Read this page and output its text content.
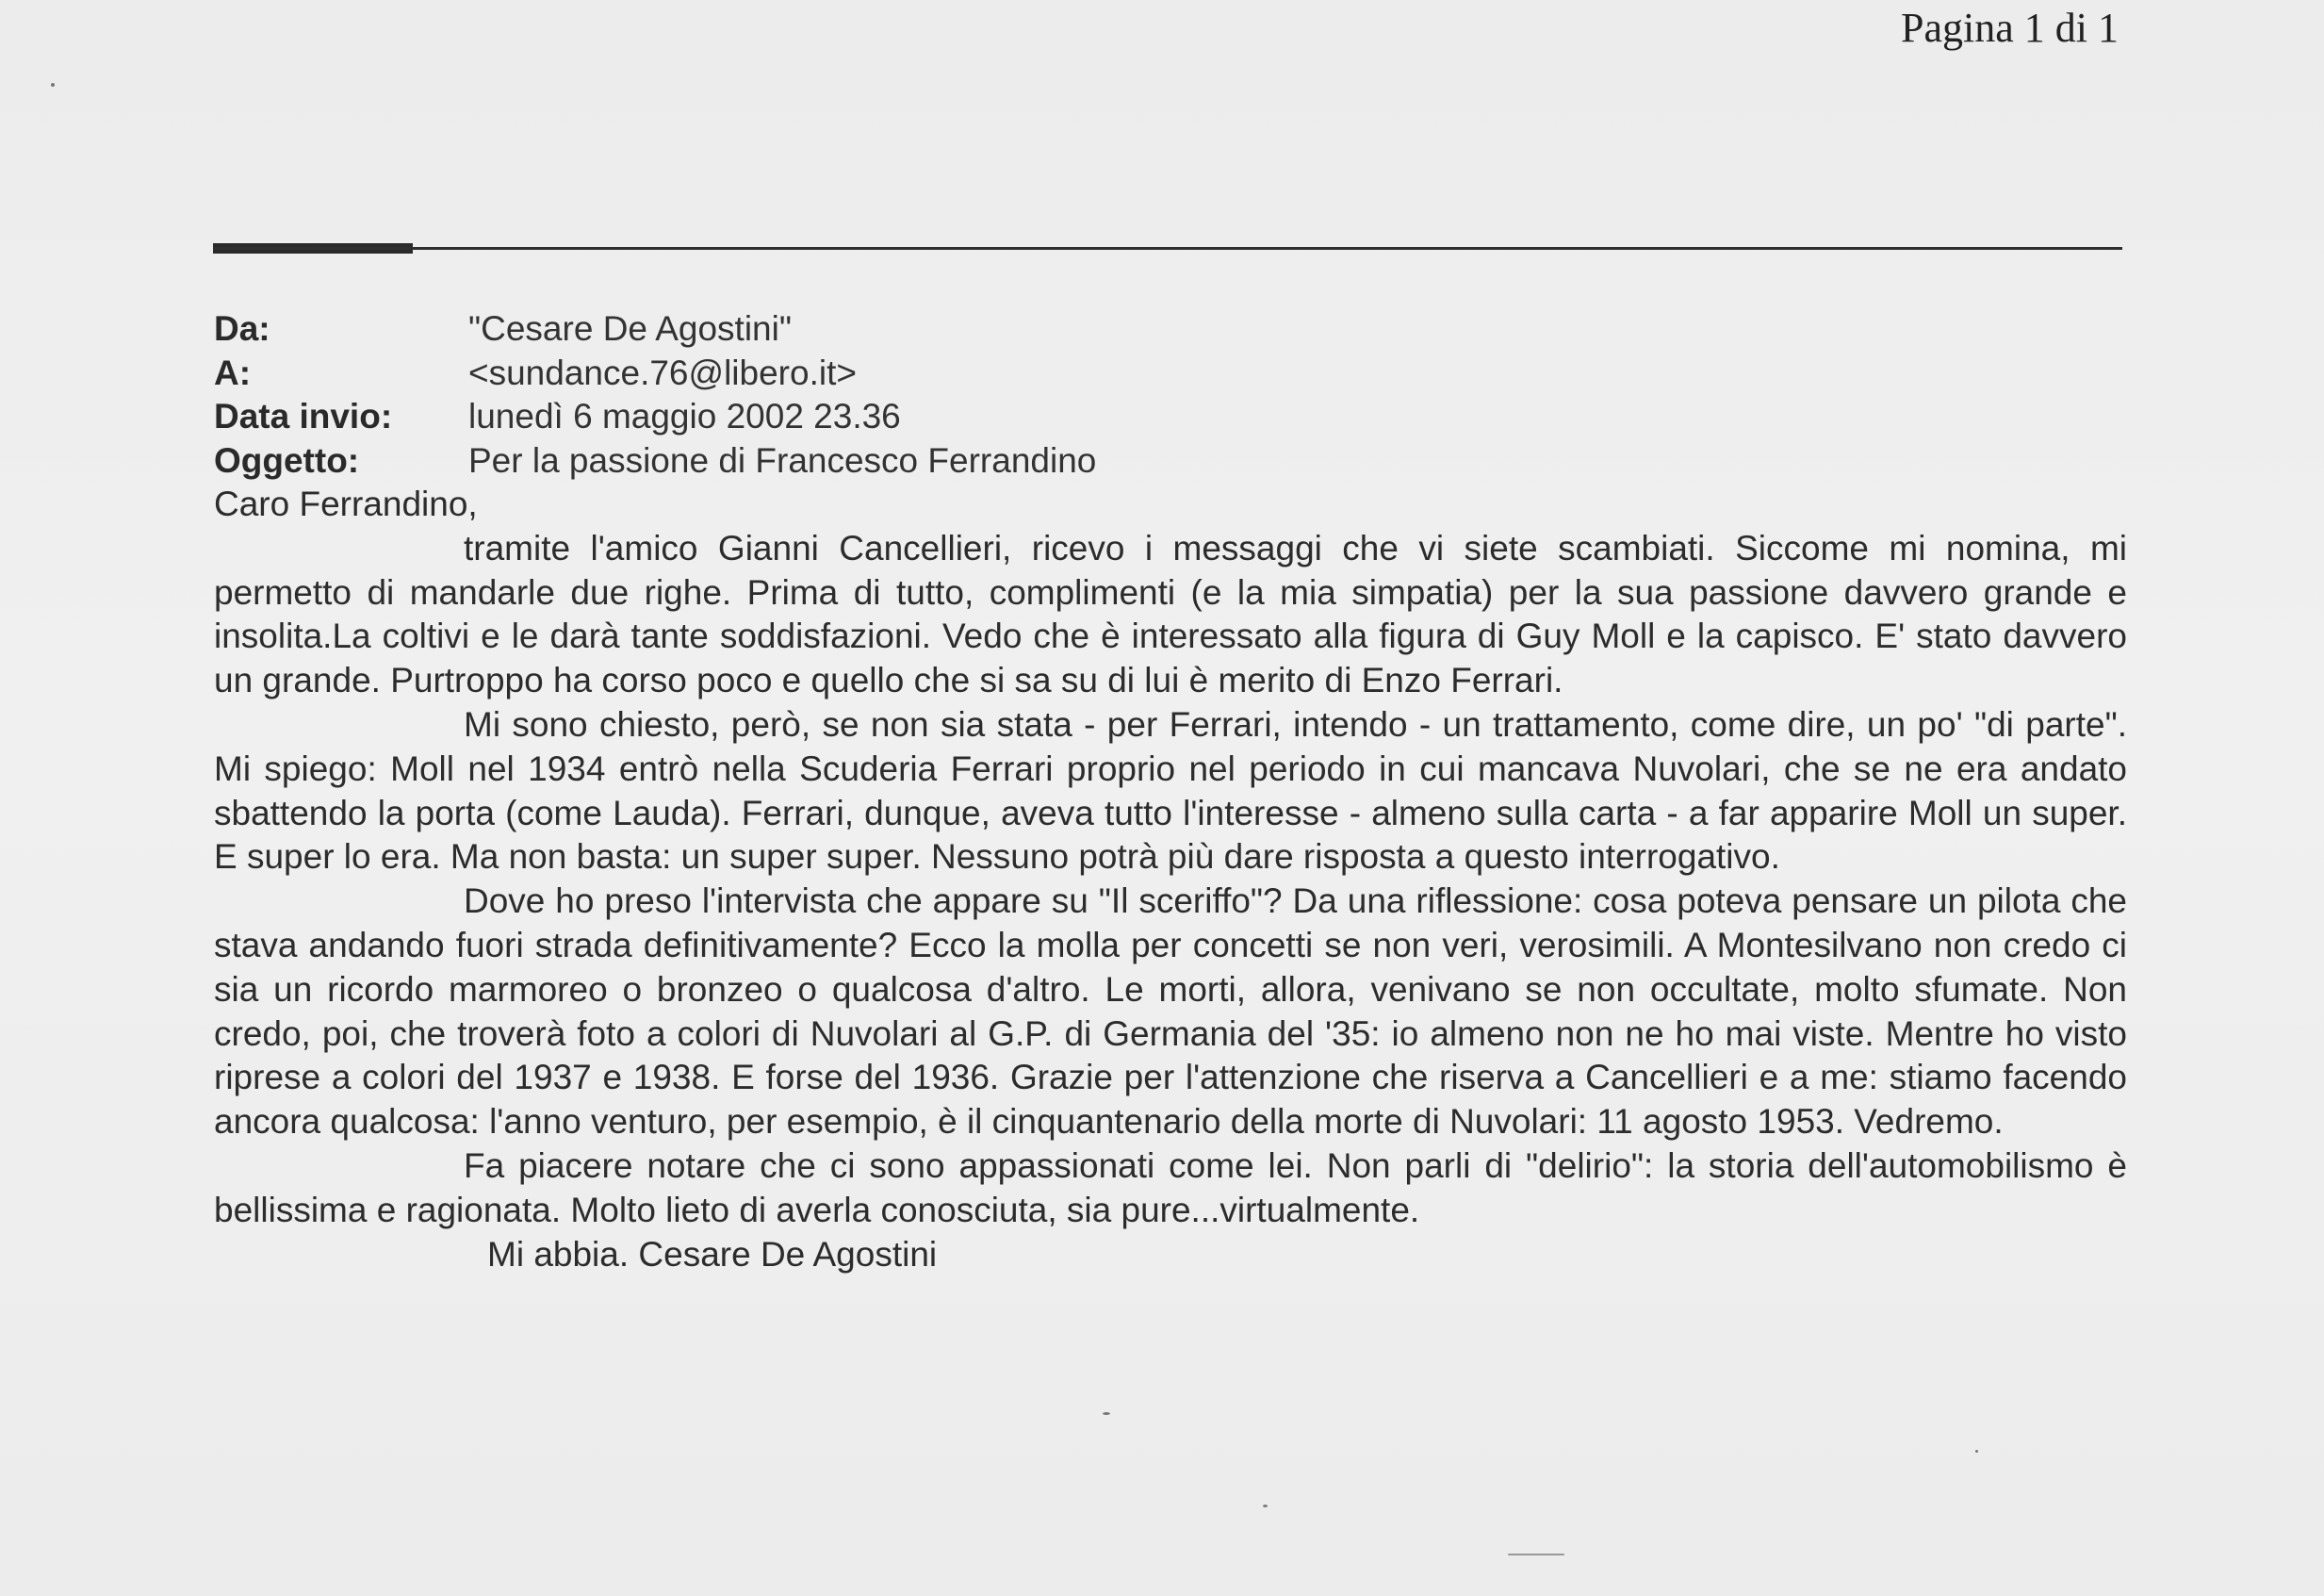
Pagina 1 di 1
Da:	"Cesare De Agostini"
A:	<sundance.76@libero.it>
Data invio:	lunedì 6 maggio 2002 23.36
Oggetto:	Per la passione di Francesco Ferrandino
Caro Ferrandino,

tramite l'amico Gianni Cancellieri, ricevo i messaggi che vi siete scambiati. Siccome mi nomina, mi permetto di mandarle due righe. Prima di tutto, complimenti (e la mia simpatia) per la sua passione davvero grande e insolita.La coltivi e le darà tante soddisfazioni. Vedo che è interessato alla figura di Guy Moll e la capisco. E' stato davvero un grande. Purtroppo ha corso poco e quello che si sa su di lui è merito di Enzo Ferrari.

Mi sono chiesto, però, se non sia stata - per Ferrari, intendo - un trattamento, come dire, un po' "di parte". Mi spiego: Moll nel 1934 entrò nella Scuderia Ferrari proprio nel periodo in cui mancava Nuvolari, che se ne era andato sbattendo la porta (come Lauda). Ferrari, dunque, aveva tutto l'interesse - almeno sulla carta - a far apparire Moll un super. E super lo era. Ma non basta: un super super. Nessuno potrà più dare risposta a questo interrogativo.

Dove ho preso l'intervista che appare su "Il sceriffo"? Da una riflessione: cosa poteva pensare un pilota che stava andando fuori strada definitivamente? Ecco la molla per concetti se non veri, verosimili. A Montesilvano non credo ci sia un ricordo marmoreo o bronzeo o qualcosa d'altro. Le morti, allora, venivano se non occultate, molto sfumate. Non credo, poi, che troverà foto a colori di Nuvolari al G.P. di Germania del '35: io almeno non ne ho mai viste. Mentre ho visto riprese a colori del 1937 e 1938. E forse del 1936. Grazie per l'attenzione che riserva a Cancellieri e a me: stiamo facendo ancora qualcosa: l'anno venturo, per esempio, è il cinquantenario della morte di Nuvolari: 11 agosto 1953. Vedremo.

Fa piacere notare che ci sono appassionati come lei. Non parli di "delirio": la storia dell'automobilismo è bellissima e ragionata. Molto lieto di averla conosciuta, sia pure...virtualmente.

Mi abbia. Cesare De Agostini
